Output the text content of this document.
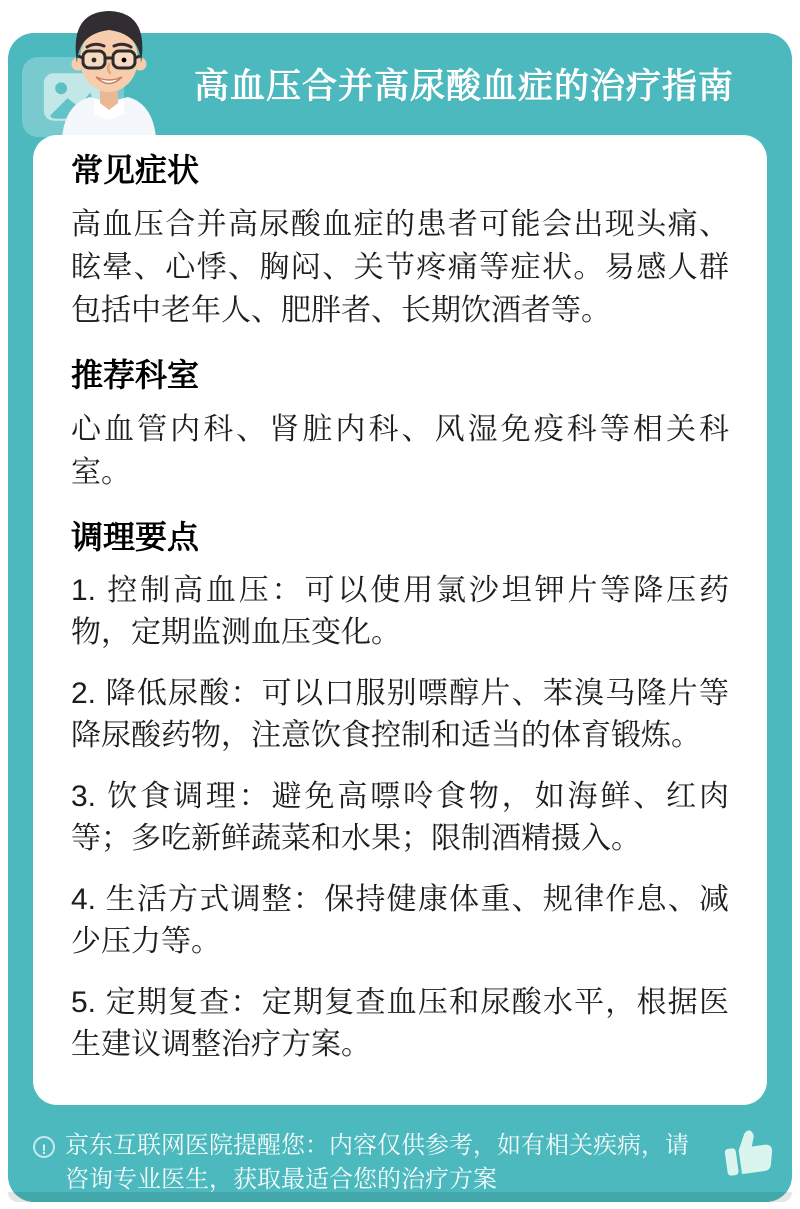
高血压合并高尿酸血症的治疗指南
常见症状

高血压合并高尿酸血症的患者可能会出现头痛、眩晕、心悸、胸闷、关节疼痛等症状。易感人群包括中老年人、肥胖者、长期饮酒者等。

推荐科室

心血管内科、肾脏内科、风湿免疫科等相关科室。

调理要点
1. 控制高血压：可以使用氯沙坦钾片等降压药物，定期监测血压变化。
2. 降低尿酸：可以口服别嘌醇片、苯溴马隆片等降尿酸药物，注意饮食控制和适当的体育锻炼。
3. 饮食调理：避免高嘌呤食物，如海鲜、红肉等；多吃新鲜蔬菜和水果；限制酒精摄入。
4. 生活方式调整：保持健康体重、规律作息、减少压力等。
5. 定期复查：定期复查血压和尿酸水平，根据医生建议调整治疗方案。
! 京东互联网医院提醒您：内容仅供参考，如有相关疾病，请咨询专业医生，获取最适合您的治疗方案
